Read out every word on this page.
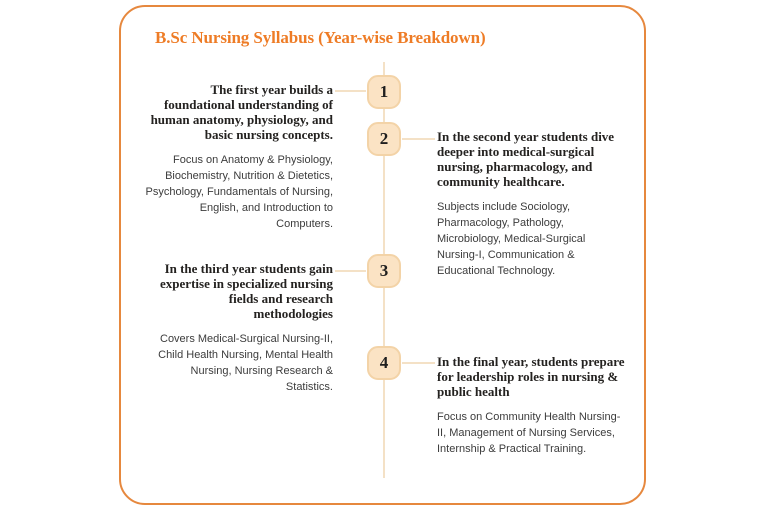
B.Sc Nursing Syllabus (Year-wise Breakdown)
1
2
3
4
The first year builds a foundational understanding of human anatomy, physiology, and basic nursing concepts.

Focus on Anatomy & Physiology, Biochemistry, Nutrition & Dietetics, Psychology, Fundamentals of Nursing, English, and Introduction to Computers.

In the second year students dive deeper into medical-surgical nursing, pharmacology, and community healthcare.

Subjects include Sociology, Pharmacology, Pathology, Microbiology, Medical-Surgical Nursing-I, Communication & Educational Technology.

In the third year students gain expertise in specialized nursing fields and research methodologies

Covers Medical-Surgical Nursing-II, Child Health Nursing, Mental Health Nursing, Nursing Research & Statistics.

In the final year, students prepare for leadership roles in nursing & public health

Focus on Community Health Nursing-II, Management of Nursing Services, Internship & Practical Training.
